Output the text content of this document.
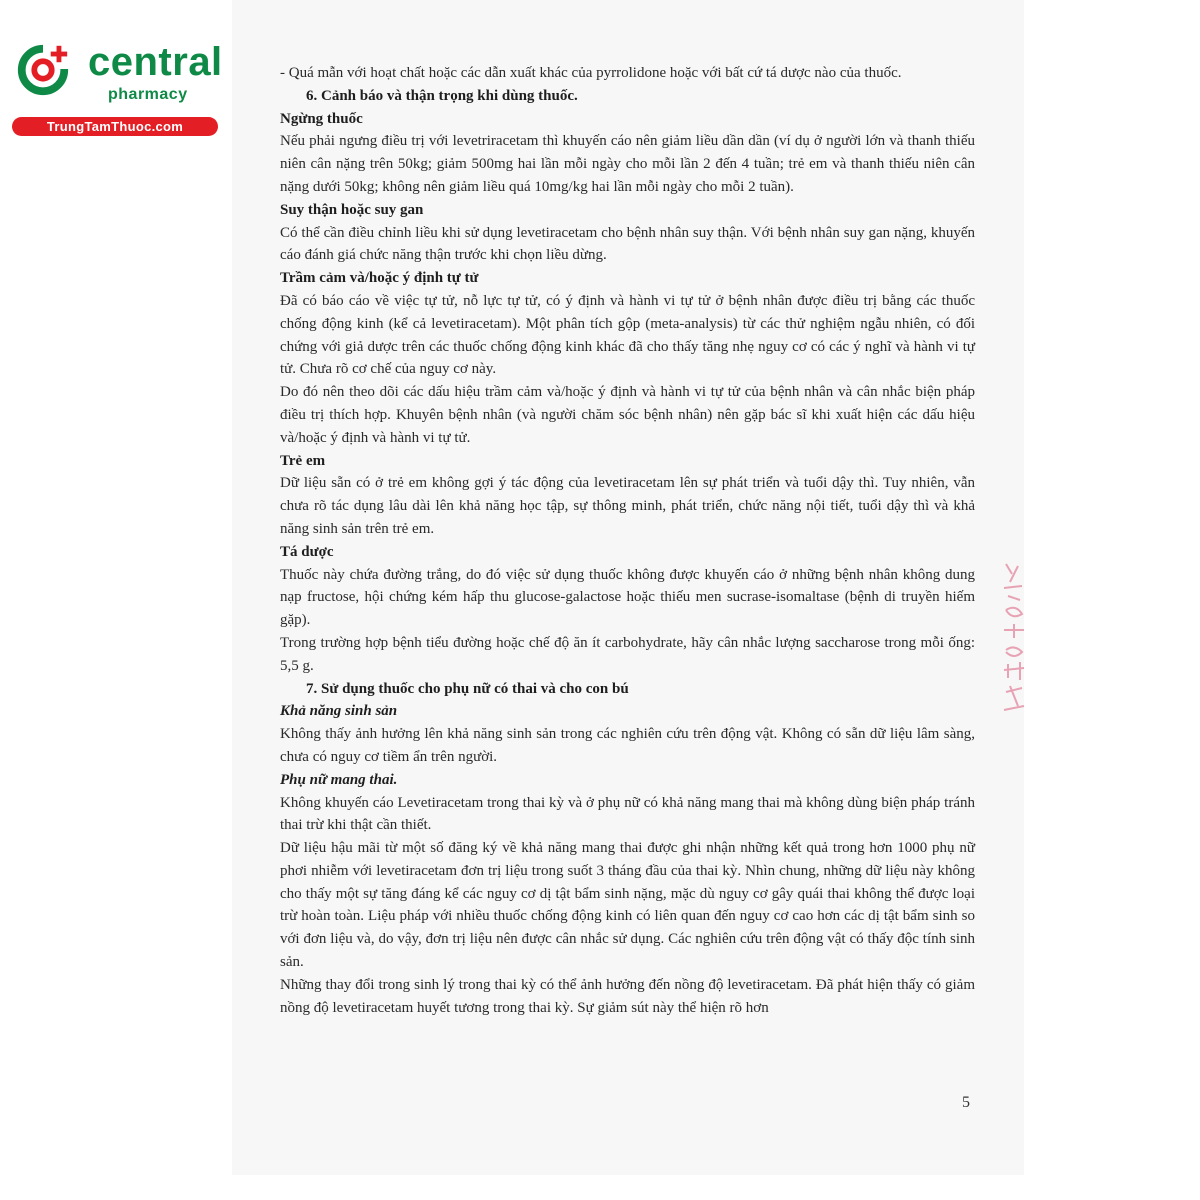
central
pharmacy
TrungTamThuoc.com

- Quá mẫn với hoạt chất hoặc các dẫn xuất khác của pyrrolidone hoặc với bất cứ tá dược nào của thuốc.

6. Cảnh báo và thận trọng khi dùng thuốc.

Ngừng thuốc

Nếu phải ngưng điều trị với levetriracetam thì khuyến cáo nên giảm liều dần dần (ví dụ ở người lớn và thanh thiếu niên cân nặng trên 50kg; giảm 500mg hai lần mỗi ngày cho mỗi lần 2 đến 4 tuần; trẻ em và thanh thiếu niên cân nặng dưới 50kg; không nên giảm liều quá 10mg/kg hai lần mỗi ngày cho mỗi 2 tuần).

Suy thận hoặc suy gan

Có thể cần điều chỉnh liều khi sử dụng levetiracetam cho bệnh nhân suy thận. Với bệnh nhân suy gan nặng, khuyến cáo đánh giá chức năng thận trước khi chọn liều dừng.

Trầm cảm và/hoặc ý định tự tử

Đã có báo cáo về việc tự tử, nỗ lực tự tử, có ý định và hành vi tự tử ở bệnh nhân được điều trị bằng các thuốc chống động kinh (kể cả levetiracetam). Một phân tích gộp (meta-analysis) từ các thử nghiệm ngẫu nhiên, có đối chứng với giả dược trên các thuốc chống động kinh khác đã cho thấy tăng nhẹ nguy cơ có các ý nghĩ và hành vi tự tử. Chưa rõ cơ chế của nguy cơ này.

Do đó nên theo dõi các dấu hiệu trầm cảm và/hoặc ý định và hành vi tự tử của bệnh nhân và cân nhắc biện pháp điều trị thích hợp. Khuyên bệnh nhân (và người chăm sóc bệnh nhân) nên gặp bác sĩ khi xuất hiện các dấu hiệu và/hoặc ý định và hành vi tự tử.

Trẻ em

Dữ liệu sẵn có ở trẻ em không gợi ý tác động của levetiracetam lên sự phát triển và tuổi dậy thì. Tuy nhiên, vẫn chưa rõ tác dụng lâu dài lên khả năng học tập, sự thông minh, phát triển, chức năng nội tiết, tuổi dậy thì và khả năng sinh sản trên trẻ em.

Tá dược

Thuốc này chứa đường trắng, do đó việc sử dụng thuốc không được khuyến cáo ở những bệnh nhân không dung nạp fructose, hội chứng kém hấp thu glucose-galactose hoặc thiếu men sucrase-isomaltase (bệnh di truyền hiếm gặp).

Trong trường hợp bệnh tiểu đường hoặc chế độ ăn ít carbohydrate, hãy cân nhắc lượng saccharose trong mỗi ống: 5,5 g.

7. Sử dụng thuốc cho phụ nữ có thai và cho con bú

Khả năng sinh sản

Không thấy ảnh hưởng lên khả năng sinh sản trong các nghiên cứu trên động vật. Không có sẵn dữ liệu lâm sàng, chưa có nguy cơ tiềm ẩn trên người.

Phụ nữ mang thai.

Không khuyến cáo Levetiracetam trong thai kỳ và ở phụ nữ có khả năng mang thai mà không dùng biện pháp tránh thai trừ khi thật cần thiết.

Dữ liệu hậu mãi từ một số đăng ký về khả năng mang thai được ghi nhận những kết quả trong hơn 1000 phụ nữ phơi nhiễm với levetiracetam đơn trị liệu trong suốt 3 tháng đầu của thai kỳ. Nhìn chung, những dữ liệu này không cho thấy một sự tăng đáng kể các nguy cơ dị tật bẩm sinh nặng, mặc dù nguy cơ gây quái thai không thể được loại trừ hoàn toàn. Liệu pháp với nhiều thuốc chống động kinh có liên quan đến nguy cơ cao hơn các dị tật bẩm sinh so với đơn liệu và, do vậy, đơn trị liệu nên được cân nhắc sử dụng. Các nghiên cứu trên động vật có thấy độc tính sinh sản.

Những thay đổi trong sinh lý trong thai kỳ có thể ảnh hưởng đến nồng độ levetiracetam. Đã phát hiện thấy có giảm nồng độ levetiracetam huyết tương trong thai kỳ. Sự giảm sút này thể hiện rõ hơn

5
